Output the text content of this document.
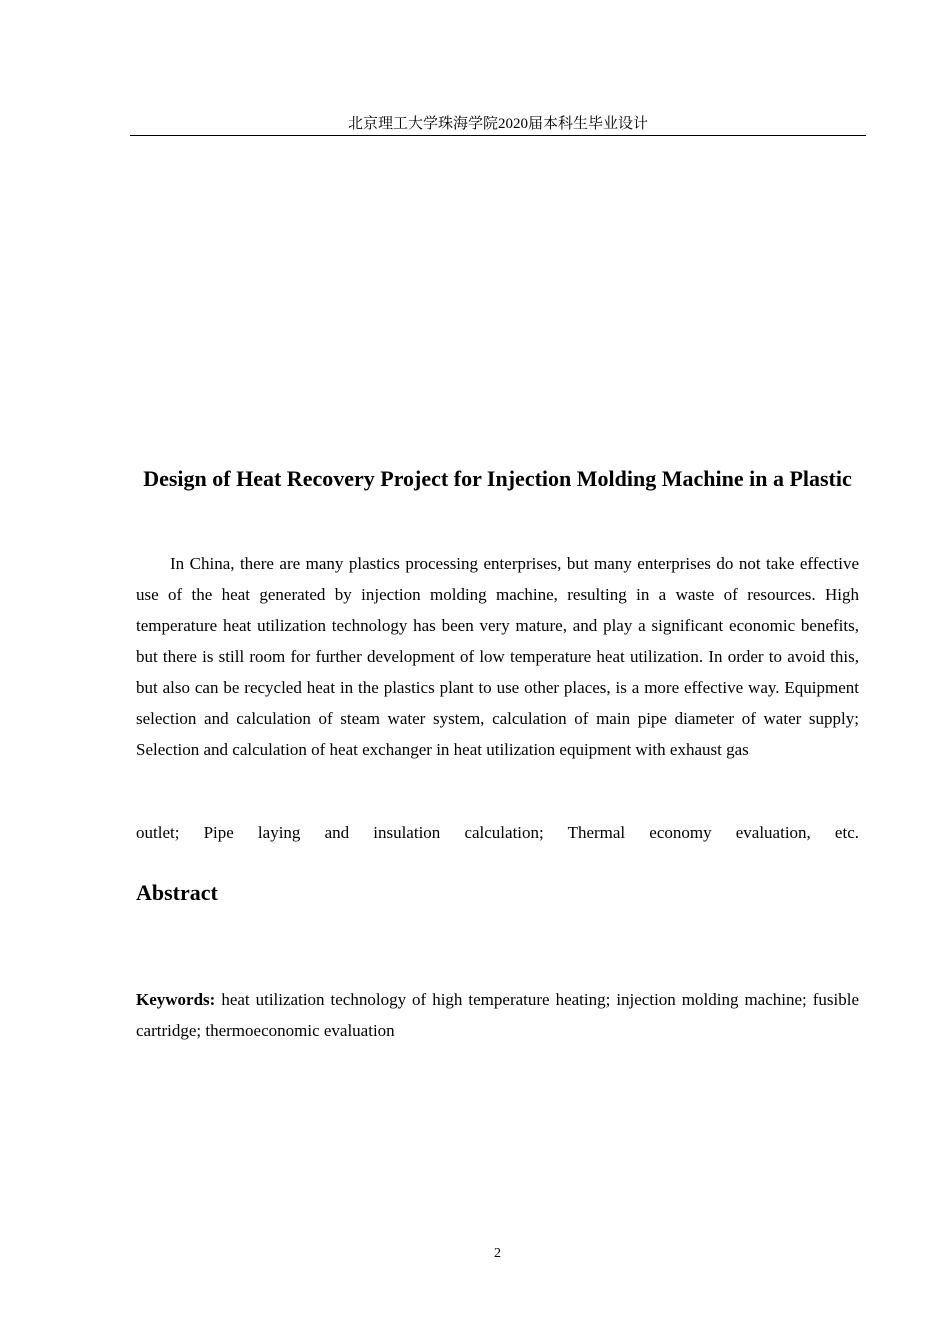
北京理工大学珠海学院2020届本科生毕业设计
Design of Heat Recovery Project for Injection Molding Machine in a Plastic

In China, there are many plastics processing enterprises, but many enterprises do not take effective use of the heat generated by injection molding machine, resulting in a waste of resources. High temperature heat utilization technology has been very mature, and play a significant economic benefits, but there is still room for further development of low temperature heat utilization. In order to avoid this, but also can be recycled heat in the plastics plant to use other places, is a more effective way. Equipment selection and calculation of steam water system, calculation of main pipe diameter of water supply; Selection and calculation of heat exchanger in heat utilization equipment with exhaust gas

outlet; Pipe laying and insulation calculation; Thermal economy evaluation, etc.

Abstract

Keywords: heat utilization technology of high temperature heating; injection molding machine; fusible cartridge; thermoeconomic evaluation

2
